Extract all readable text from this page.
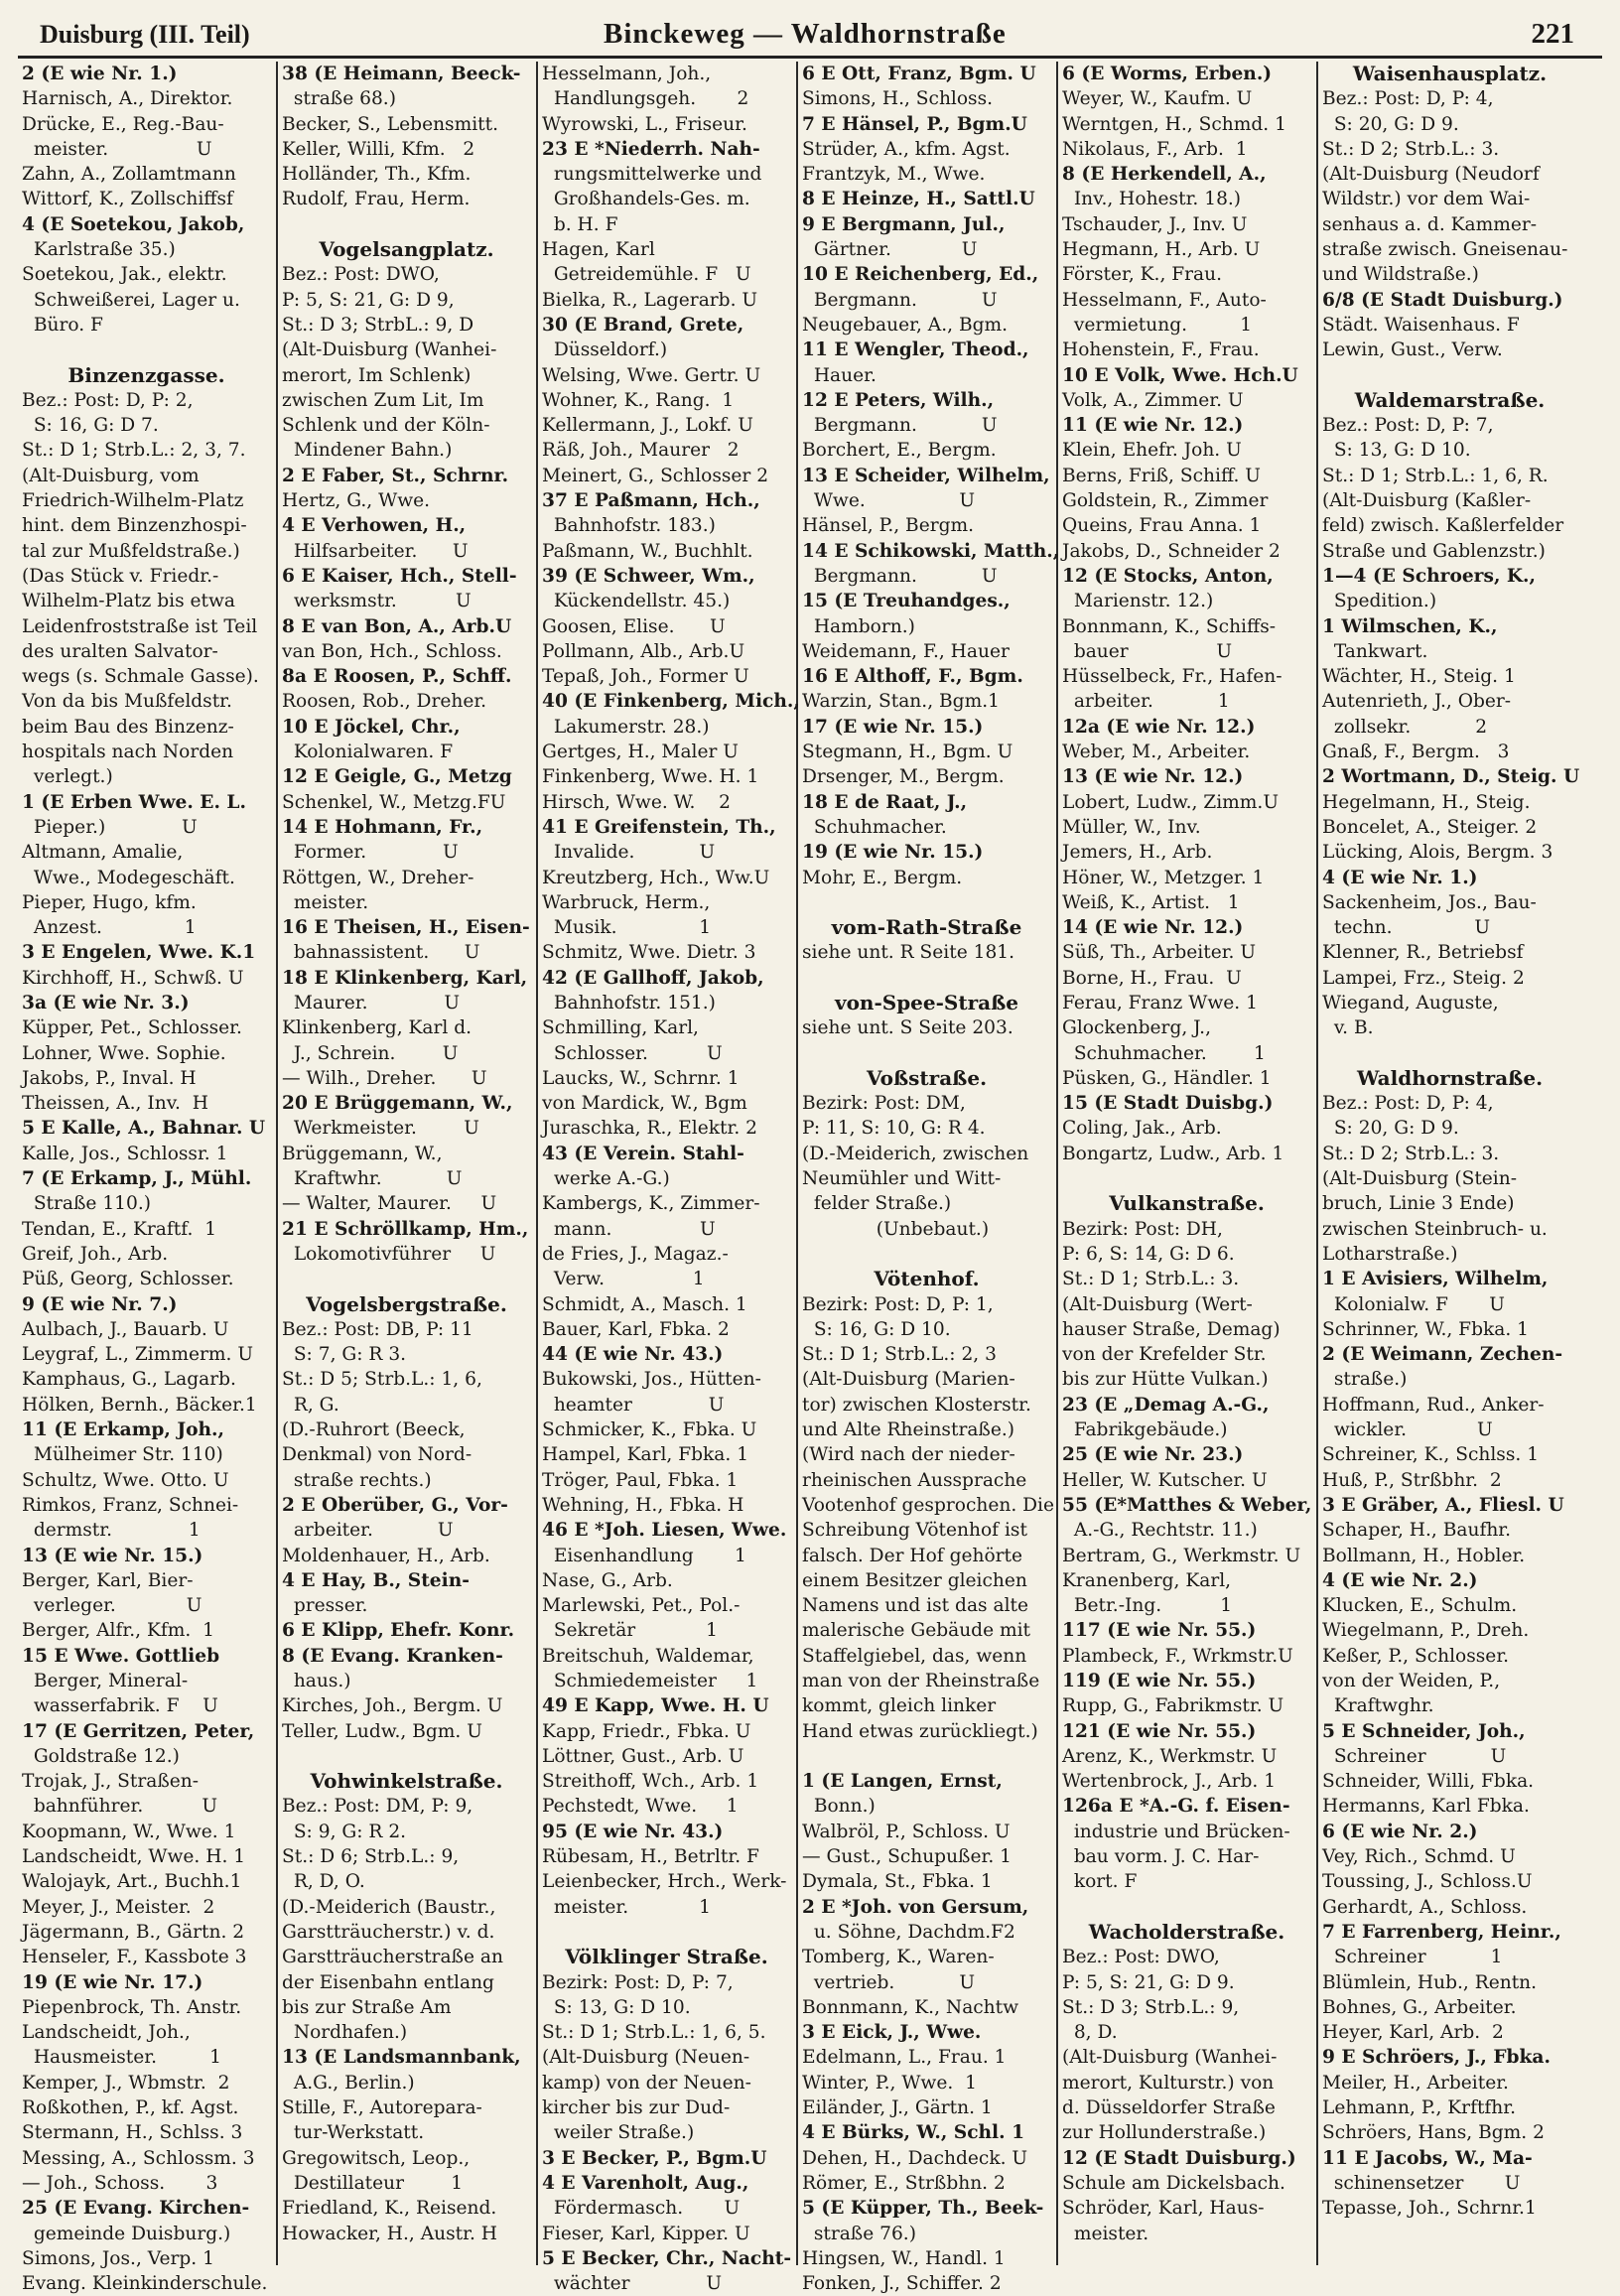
Duisburg (III. Teil)	Binckeweg — Waldhornstraße	221
2 (E wie Nr. 1.)
Harnisch, A., Direktor.
Drücke, E., Reg.-Bau-
meister.               U
Zahn, A., Zollamtmann
Wittorf, K., Zollschiffsf
4 (E Soetekou, Jakob,
Karlstraße 35.)
Soetekou, Jak., elektr.
Schweißerei, Lager u.
Büro. F

Binzenzgasse.
Bez.: Post: D, P: 2,
S: 16, G: D 7.
St.: D 1; Strb.L.: 2, 3, 7.
(Alt-Duisburg, vom
Friedrich-Wilhelm-Platz
hint. dem Binzenzhospi-
tal zur Mußfeldstraße.)
(Das Stück v. Friedr.-
Wilhelm-Platz bis etwa
Leidenfroststraße ist Teil
des uralten Salvator-
wegs (s. Schmale Gasse).
Von da bis Mußfeldstr.
beim Bau des Binzenz-
hospitals nach Norden
verlegt.)
1 (E Erben Wwe. E. L.
Pieper.)             U
Altmann, Amalie,
Wwe., Modegeschäft.
Pieper, Hugo, kfm.
Anzest.              1
3 E Engelen, Wwe. K.1
Kirchhoff, H., Schwß. U
3a (E wie Nr. 3.)
Küpper, Pet., Schlosser.
Lohner, Wwe. Sophie.
Jakobs, P., Inval. H
Theissen, A., Inv.  H
5 E Kalle, A., Bahnar. U
Kalle, Jos., Schlossr. 1
7 (E Erkamp, J., Mühl.
Straße 110.)
Tendan, E., Kraftf.  1
Greif, Joh., Arb.
Püß, Georg, Schlosser.
9 (E wie Nr. 7.)
Aulbach, J., Bauarb. U
Leygraf, L., Zimmerm. U
Kamphaus, G., Lagarb.
Hölken, Bernh., Bäcker.1
11 (E Erkamp, Joh.,
Mülheimer Str. 110)
Schultz, Wwe. Otto. U
Rimkos, Franz, Schnei-
dermstr.             1
13 (E wie Nr. 15.)
Berger, Karl, Bier-
verleger.            U
Berger, Alfr., Kfm.  1
15 E Wwe. Gottlieb
Berger, Mineral-
wasserfabrik. F    U
17 (E Gerritzen, Peter,
Goldstraße 12.)
Trojak, J., Straßen-
bahnführer.          U
Koopmann, W., Wwe. 1
Landscheidt, Wwe. H. 1
Walojayk, Art., Buchh.1
Meyer, J., Meister.  2
Jägermann, B., Gärtn. 2
Henseler, F., Kassbote 3
19 (E wie Nr. 17.)
Piepenbrock, Th. Anstr.
Landscheidt, Joh.,
Hausmeister.         1
Kemper, J., Wbmstr.  2
Roßkothen, P., kf. Agst.
Stermann, H., Schlss. 3
Messing, A., Schlossm. 3
— Joh., Schoss.       3
25 (E Evang. Kirchen-
gemeinde Duisburg.)
Simons, Jos., Verp. 1
Evang. Kleinkinderschule.
38 (E Heimann, Beeck-
straße 68.)
Becker, S., Lebensmitt.
Keller, Willi, Kfm.   2
Holländer, Th., Kfm.
Rudolf, Frau, Herm.

Vogelsangplatz.
Bez.: Post: DWO,
P: 5, S: 21, G: D 9,
St.: D 3; StrbL.: 9, D
(Alt-Duisburg (Wanhei-
merort, Im Schlenk)
zwischen Zum Lit, Im
Schlenk und der Köln-
Mindener Bahn.)
2 E Faber, St., Schrnr.
Hertz, G., Wwe.
4 E Verhowen, H.,
Hilfsarbeiter.      U
6 E Kaiser, Hch., Stell-
werksmstr.          U
8 E van Bon, A., Arb.U
van Bon, Hch., Schloss.
8a E Roosen, P., Schff.
Roosen, Rob., Dreher.
10 E Jöckel, Chr.,
Kolonialwaren. F
12 E Geigle, G., Metzg
Schenkel, W., Metzg.FU
14 E Hohmann, Fr.,
Former.             U
Röttgen, W., Dreher-
meister.
16 E Theisen, H., Eisen-
bahnassistent.      U
18 E Klinkenberg, Karl,
Maurer.             U
Klinkenberg, Karl d.
J., Schrein.        U
— Wilh., Dreher.      U
20 E Brüggemann, W.,
Werkmeister.        U
Brüggemann, W.,
Kraftwhr.           U
— Walter, Maurer.     U
21 E Schröllkamp, Hm.,
Lokomotivführer     U

Vogelsbergstraße.
Bez.: Post: DB, P: 11
S: 7, G: R 3.
St.: D 5; Strb.L.: 1, 6,
R, G.
(D.-Ruhrort (Beeck,
Denkmal) von Nord-
straße rechts.)
2 E Oberüber, G., Vor-
arbeiter.           U
Moldenhauer, H., Arb.
4 E Hay, B., Stein-
presser.
6 E Klipp, Ehefr. Konr.
8 (E Evang. Kranken-
haus.)
Kirches, Joh., Bergm. U
Teller, Ludw., Bgm. U

Vohwinkelstraße.
Bez.: Post: DM, P: 9,
S: 9, G: R 2.
St.: D 6; Strb.L.: 9,
R, D, O.
(D.-Meiderich (Baustr.,
Garstträucherstr.) v. d.
Garstträucherstraße an
der Eisenbahn entlang
bis zur Straße Am
Nordhafen.)
13 (E Landsmannbank,
A.G., Berlin.)
Stille, F., Autorepara-
tur-Werkstatt.
Gregowitsch, Leop.,
Destillateur        1
Friedland, K., Reisend.
Howacker, H., Austr. H
Hesselmann, Joh.,
Handlungsgeh.       2
Wyrowski, L., Friseur.
23 E *Niederrh. Nah-
rungsmittelwerke und
Großhandels-Ges. m.
b. H. F
Hagen, Karl
Getreidemühle. F   U
Bielka, R., Lagerarb. U
30 (E Brand, Grete,
Düsseldorf.)
Welsing, Wwe. Gertr. U
Wohner, K., Rang.  1
Kellermann, J., Lokf. U
Räß, Joh., Maurer   2
Meinert, G., Schlosser 2
37 E Paßmann, Hch.,
Bahnhofstr. 183.)
Paßmann, W., Buchhlt.
39 (E Schweer, Wm.,
Kückendellstr. 45.)
Goosen, Elise.      U
Pollmann, Alb., Arb.U
Tepaß, Joh., Former U
40 (E Finkenberg, Mich.,
Lakumerstr. 28.)
Gertges, H., Maler U
Finkenberg, Wwe. H. 1
Hirsch, Wwe. W.    2
41 E Greifenstein, Th.,
Invalide.           U
Kreutzberg, Hch., Ww.U
Warbruck, Herm.,
Musik.              1
Schmitz, Wwe. Dietr. 3
42 (E Gallhoff, Jakob,
Bahnhofstr. 151.)
Schmilling, Karl,
Schlosser.          U
Laucks, W., Schrnr. 1
von Mardick, W., Bgm
Juraschka, R., Elektr. 2
43 (E Verein. Stahl-
werke A.-G.)
Kambergs, K., Zimmer-
mann.               U
de Fries, J., Magaz.-
Verw.               1
Schmidt, A., Masch. 1
Bauer, Karl, Fbka. 2
44 (E wie Nr. 43.)
Bukowski, Jos., Hütten-
heamter             U
Schmicker, K., Fbka. U
Hampel, Karl, Fbka. 1
Tröger, Paul, Fbka. 1
Wehning, H., Fbka. H
46 E *Joh. Liesen, Wwe.
Eisenhandlung       1
Nase, G., Arb.
Marlewski, Pet., Pol.-
Sekretär            1
Breitschuh, Waldemar,
Schmiedemeister     1
49 E Kapp, Wwe. H. U
Kapp, Friedr., Fbka. U
Löttner, Gust., Arb. U
Streithoff, Wch., Arb. 1
Pechstedt, Wwe.     1
95 (E wie Nr. 43.)
Rübesam, H., Betrltr. F
Leienbecker, Hrch., Werk-
meister.            1

Völklinger Straße.
Bezirk: Post: D, P: 7,
S: 13, G: D 10.
St.: D 1; Strb.L.: 1, 6, 5.
(Alt-Duisburg (Neuen-
kamp) von der Neuen-
kircher bis zur Dud-
weiler Straße.)
3 E Becker, P., Bgm.U
4 E Varenholt, Aug.,
Fördermasch.       U
Fieser, Karl, Kipper. U
5 E Becker, Chr., Nacht-
wächter             U
6 E Ott, Franz, Bgm. U
Simons, H., Schloss.
7 E Hänsel, P., Bgm.U
Strüder, A., kfm. Agst.
Frantzyk, M., Wwe.
8 E Heinze, H., Sattl.U
9 E Bergmann, Jul.,
Gärtner.            U
10 E Reichenberg, Ed.,
Bergmann.           U
Neugebauer, A., Bgm.
11 E Wengler, Theod.,
Hauer.
12 E Peters, Wilh.,
Bergmann.           U
Borchert, E., Bergm.
13 E Scheider, Wilhelm,
Wwe.                U
Hänsel, P., Bergm.
14 E Schikowski, Matth.,
Bergmann.           U
15 (E Treuhandges.,
Hamborn.)
Weidemann, F., Hauer
16 E Althoff, F., Bgm.
Warzin, Stan., Bgm.1
17 (E wie Nr. 15.)
Stegmann, H., Bgm. U
Drsenger, M., Bergm.
18 E de Raat, J.,
Schuhmacher.
19 (E wie Nr. 15.)
Mohr, E., Bergm.

vom-Rath-Straße
siehe unt. R Seite 181.

von-Spee-Straße
siehe unt. S Seite 203.

Voßstraße.
Bezirk: Post: DM,
P: 11, S: 10, G: R 4.
(D.-Meiderich, zwischen
Neumühler und Witt-
felder Straße.)
(Unbebaut.)

Vötenhof.
Bezirk: Post: D, P: 1,
S: 16, G: D 10.
St.: D 1; Strb.L.: 2, 3
(Alt-Duisburg (Marien-
tor) zwischen Klosterstr.
und Alte Rheinstraße.)
(Wird nach der nieder-
rheinischen Aussprache
Vootenhof gesprochen. Die
Schreibung Vötenhof ist
falsch. Der Hof gehörte
einem Besitzer gleichen
Namens und ist das alte
malerische Gebäude mit
Staffelgiebel, das, wenn
man von der Rheinstraße
kommt, gleich linker
Hand etwas zurückliegt.)

1 (E Langen, Ernst,
Bonn.)
Walbröl, P., Schloss. U
— Gust., Schupußer. 1
Dymala, St., Fbka. 1
2 E *Joh. von Gersum,
u. Söhne, Dachdm.F2
Tomberg, K., Waren-
vertrieb.           U
Bonnmann, K., Nachtw
3 E Eick, J., Wwe.
Edelmann, L., Frau. 1
Winter, P., Wwe.  1
Eiländer, J., Gärtn. 1
4 E Bürks, W., Schl. 1
Dehen, H., Dachdeck. U
Römer, E., Strßbhn. 2
5 (E Küpper, Th., Beek-
straße 76.)
Hingsen, W., Handl. 1
Fonken, J., Schiffer. 2
6 (E Worms, Erben.)
Weyer, W., Kaufm. U
Werntgen, H., Schmd. 1
Nikolaus, F., Arb.  1
8 (E Herkendell, A.,
Inv., Hohestr. 18.)
Tschauder, J., Inv. U
Hegmann, H., Arb. U
Förster, K., Frau.
Hesselmann, F., Auto-
vermietung.         1
Hohenstein, F., Frau.
10 E Volk, Wwe. Hch.U
Volk, A., Zimmer. U
11 (E wie Nr. 12.)
Klein, Ehefr. Joh. U
Berns, Friß, Schiff. U
Goldstein, R., Zimmer
Queins, Frau Anna. 1
Jakobs, D., Schneider 2
12 (E Stocks, Anton,
Marienstr. 12.)
Bonnmann, K., Schiffs-
bauer               U
Hüsselbeck, Fr., Hafen-
arbeiter.           1
12a (E wie Nr. 12.)
Weber, M., Arbeiter.
13 (E wie Nr. 12.)
Lobert, Ludw., Zimm.U
Müller, W., Inv.
Jemers, H., Arb.
Höner, W., Metzger. 1
Weiß, K., Artist.   1
14 (E wie Nr. 12.)
Süß, Th., Arbeiter. U
Borne, H., Frau.  U
Ferau, Franz Wwe. 1
Glockenberg, J.,
Schuhmacher.        1
Püsken, G., Händler. 1
15 (E Stadt Duisbg.)
Coling, Jak., Arb.
Bongartz, Ludw., Arb. 1

Vulkanstraße.
Bezirk: Post: DH,
P: 6, S: 14, G: D 6.
St.: D 1; Strb.L.: 3.
(Alt-Duisburg (Wert-
hauser Straße, Demag)
von der Krefelder Str.
bis zur Hütte Vulkan.)
23 (E „Demag A.-G.,
Fabrikgebäude.)
25 (E wie Nr. 23.)
Heller, W. Kutscher. U
55 (E*Matthes & Weber,
A.-G., Rechtstr. 11.)
Bertram, G., Werkmstr. U
Kranenberg, Karl,
Betr.-Ing.          1
117 (E wie Nr. 55.)
Plambeck, F., Wrkmstr.U
119 (E wie Nr. 55.)
Rupp, G., Fabrikmstr. U
121 (E wie Nr. 55.)
Arenz, K., Werkmstr. U
Wertenbrock, J., Arb. 1
126a E *A.-G. f. Eisen-
industrie und Brücken-
bau vorm. J. C. Har-
kort. F

Wacholderstraße.
Bez.: Post: DWO,
P: 5, S: 21, G: D 9.
St.: D 3; Strb.L.: 9,
8, D.
(Alt-Duisburg (Wanhei-
merort, Kulturstr.) von
d. Düsseldorfer Straße
zur Hollunderstraße.)
12 (E Stadt Duisburg.)
Schule am Dickelsbach.
Schröder, Karl, Haus-
meister.
Waisenhausplatz.
Bez.: Post: D, P: 4,
S: 20, G: D 9.
St.: D 2; Strb.L.: 3.
(Alt-Duisburg (Neudorf
Wildstr.) vor dem Wai-
senhaus a. d. Kammer-
straße zwisch. Gneisenau-
und Wildstraße.)
6/8 (E Stadt Duisburg.)
Städt. Waisenhaus. F
Lewin, Gust., Verw.

Waldemarstraße.
Bez.: Post: D, P: 7,
S: 13, G: D 10.
St.: D 1; Strb.L.: 1, 6, R.
(Alt-Duisburg (Kaßler-
feld) zwisch. Kaßlerfelder
Straße und Gablenzstr.)
1—4 (E Schroers, K.,
Spedition.)
1 Wilmschen, K.,
Tankwart.
Wächter, H., Steig. 1
Autenrieth, J., Ober-
zollsekr.           2
Gnaß, F., Bergm.   3
2 Wortmann, D., Steig. U
Hegelmann, H., Steig.
Boncelet, A., Steiger. 2
Lücking, Alois, Bergm. 3
4 (E wie Nr. 1.)
Sackenheim, Jos., Bau-
techn.              U
Klenner, R., Betriebsf
Lampei, Frz., Steig. 2
Wiegand, Auguste,
v. B.

Waldhornstraße.
Bez.: Post: D, P: 4,
S: 20, G: D 9.
St.: D 2; Strb.L.: 3.
(Alt-Duisburg (Stein-
bruch, Linie 3 Ende)
zwischen Steinbruch- u.
Lotharstraße.)
1 E Avisiers, Wilhelm,
Kolonialw. F       U
Schrinner, W., Fbka. 1
2 (E Weimann, Zechen-
straße.)
Hoffmann, Rud., Anker-
wickler.            U
Schreiner, K., Schlss. 1
Huß, P., Strßbhr.  2
3 E Gräber, A., Fliesl. U
Schaper, H., Baufhr.
Bollmann, H., Hobler.
4 (E wie Nr. 2.)
Klucken, E., Schulm.
Wiegelmann, P., Dreh.
Keßer, P., Schlosser.
von der Weiden, P.,
Kraftwghr.
5 E Schneider, Joh.,
Schreiner           U
Schneider, Willi, Fbka.
Hermanns, Karl Fbka.
6 (E wie Nr. 2.)
Vey, Rich., Schmd. U
Toussing, J., Schloss.U
Gerhardt, A., Schloss.
7 E Farrenberg, Heinr.,
Schreiner           1
Blümlein, Hub., Rentn.
Bohnes, G., Arbeiter.
Heyer, Karl, Arb.  2
9 E Schröers, J., Fbka.
Meiler, H., Arbeiter.
Lehmann, P., Krftfhr.
Schröers, Hans, Bgm. 2
11 E Jacobs, W., Ma-
schinensetzer       U
Tepasse, Joh., Schrnr.1
